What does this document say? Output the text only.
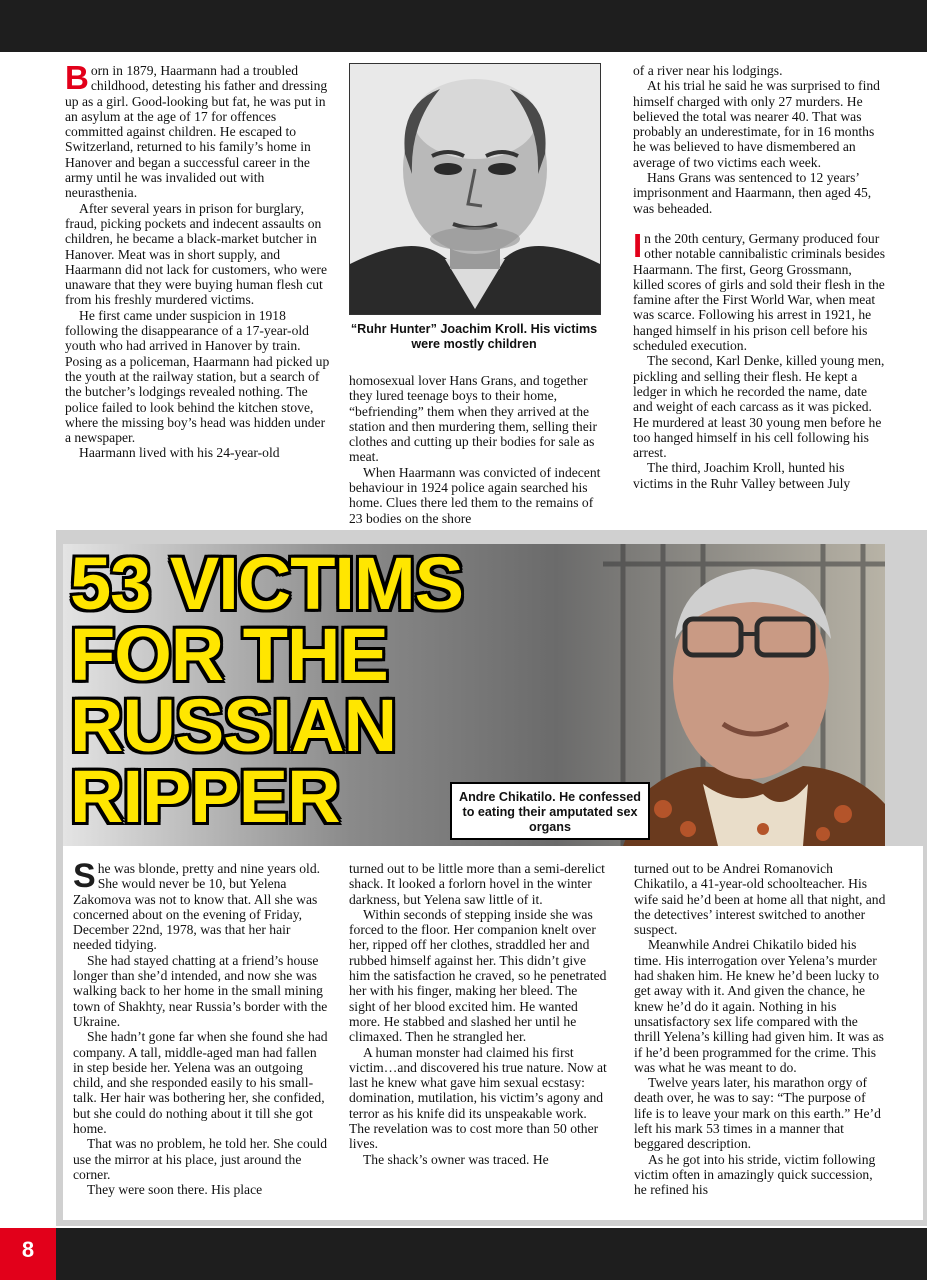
Born in 1879, Haarmann had a troubled childhood, detesting his father and dressing up as a girl. Good-looking but fat, he was put in an asylum at the age of 17 for offences committed against children. He escaped to Switzerland, returned to his family’s home in Hanover and began a successful career in the army until he was invalided out with neurasthenia.

After several years in prison for burglary, fraud, picking pockets and indecent assaults on children, he became a black-market butcher in Hanover. Meat was in short supply, and Haarmann did not lack for customers, who were unaware that they were buying human flesh cut from his freshly murdered victims.

He first came under suspicion in 1918 following the disappearance of a 17-year-old youth who had arrived in Hanover by train. Posing as a policeman, Haarmann had picked up the youth at the railway station, but a search of the butcher’s lodgings revealed nothing. The police failed to look behind the kitchen stove, where the missing boy’s head was hidden under a newspaper.

Haarmann lived with his 24-year-old

“Ruhr Hunter” Joachim Kroll. His victims were mostly children

homosexual lover Hans Grans, and together they lured teenage boys to their home, “befriending” them when they arrived at the station and then murdering them, selling their clothes and cutting up their bodies for sale as meat.

When Haarmann was convicted of indecent behaviour in 1924 police again searched his home. Clues there led them to the remains of 23 bodies on the shore

of a river near his lodgings.

At his trial he said he was surprised to find himself charged with only 27 murders. He believed the total was nearer 40. That was probably an underestimate, for in 16 months he was believed to have dismembered an average of two victims each week.

Hans Grans was sentenced to 12 years’ imprisonment and Haarmann, then aged 45, was beheaded.

In the 20th century, Germany produced four other notable cannibalistic criminals besides Haarmann. The first, Georg Grossmann, killed scores of girls and sold their flesh in the famine after the First World War, when meat was scarce. Following his arrest in 1921, he hanged himself in his prison cell before his scheduled execution.

The second, Karl Denke, killed young men, pickling and selling their flesh. He kept a ledger in which he recorded the name, date and weight of each carcass as it was picked. He murdered at least 30 young men before he too hanged himself in his cell following his arrest.

The third, Joachim Kroll, hunted his victims in the Ruhr Valley between July

53 VICTIMS
FOR THE
RUSSIAN
RIPPER	Andre Chikatilo. He confessed to eating their amputated sex organs

She was blonde, pretty and nine years old. She would never be 10, but Yelena Zakomova was not to know that. All she was concerned about on the evening of Friday, December 22nd, 1978, was that her hair needed tidying.

She had stayed chatting at a friend’s house longer than she’d intended, and now she was walking back to her home in the small mining town of Shakhty, near Russia’s border with the Ukraine.

She hadn’t gone far when she found she had company. A tall, middle-aged man had fallen in step beside her. Yelena was an outgoing child, and she responded easily to his small-talk. Her hair was bothering her, she confided, but she could do nothing about it till she got home.

That was no problem, he told her. She could use the mirror at his place, just around the corner.

They were soon there. His place

turned out to be little more than a semi-derelict shack. It looked a forlorn hovel in the winter darkness, but Yelena saw little of it.

Within seconds of stepping inside she was forced to the floor. Her companion knelt over her, ripped off her clothes, straddled her and rubbed himself against her. This didn’t give him the satisfaction he craved, so he penetrated her with his finger, making her bleed. The sight of her blood excited him. He wanted more. He stabbed and slashed her until he climaxed. Then he strangled her.

A human monster had claimed his first victim…and discovered his true nature. Now at last he knew what gave him sexual ecstasy: domination, mutilation, his victim’s agony and terror as his knife did its unspeakable work. The revelation was to cost more than 50 other lives.

The shack’s owner was traced. He

turned out to be Andrei Romanovich Chikatilo, a 41-year-old schoolteacher. His wife said he’d been at home all that night, and the detectives’ interest switched to another suspect.

Meanwhile Andrei Chikatilo bided his time. His interrogation over Yelena’s murder had shaken him. He knew he’d been lucky to get away with it. And given the chance, he knew he’d do it again. Nothing in his unsatisfactory sex life compared with the thrill Yelena’s killing had given him. It was as if he’d been programmed for the crime. This was what he was meant to do.

Twelve years later, his marathon orgy of death over, he was to say: “The purpose of life is to leave your mark on this earth.” He’d left his mark 53 times in a manner that beggared description.

As he got into his stride, victim following victim often in amazingly quick succession, he refined his

8
